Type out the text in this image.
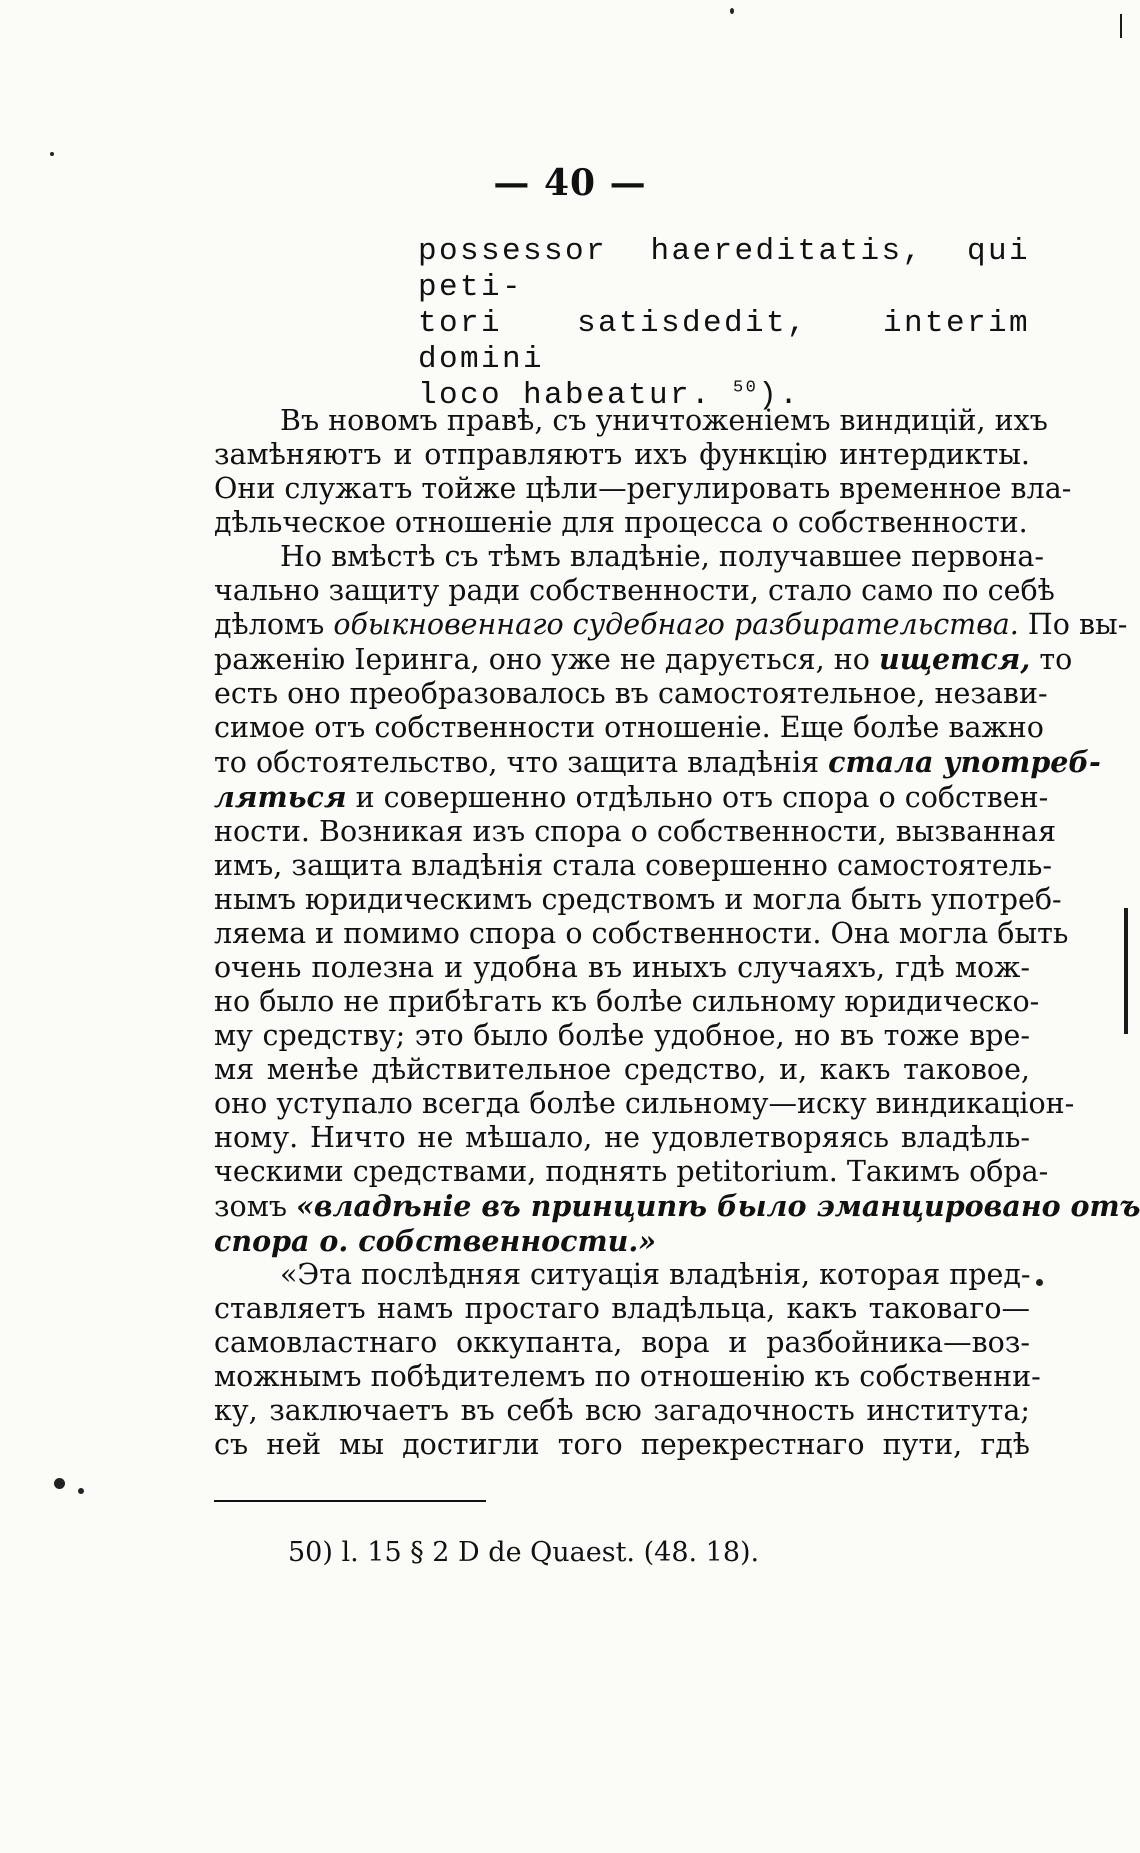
— 40 —
possessor haereditatis, qui peti-
tori satisdedit, interim domini
loco habeatur. $^{50}$).
Въ новомъ правѣ, съ уничтоженіемъ виндицій, ихъ
замѣняютъ и отправляютъ ихъ функцію интердикты.
Они служатъ тойже цѣли—регулировать временное вла-
дѣльческое отношеніе для процесса о собственности.
Но вмѣстѣ съ тѣмъ владѣніе, получавшее первона-
чально защиту ради собственности, стало само по себѣ
дѣломъ обыкновеннаго судебнаго разбирательства. По вы-
раженію Іеринга, оно уже не дарується, но ищется, то
есть оно преобразовалось въ самостоятельное, незави-
симое отъ собственности отношеніе. Еще болѣе важно
то обстоятельство, что защита владѣнія стала употреб-
ляться и совершенно отдѣльно отъ спора о собствен-
ности. Возникая изъ спора о собственности, вызванная
имъ, защита владѣнія стала совершенно самостоятель-
нымъ юридическимъ средствомъ и могла быть употреб-
ляема и помимо спора о собственности. Она могла быть
очень полезна и удобна въ иныхъ случаяхъ, гдѣ мож-
но было не прибѣгать къ болѣе сильному юридическо-
му средству; это было болѣе удобное, но въ тоже вре-
мя менѣе дѣйствительное средство, и, какъ таковое,
оно уступало всегда болѣе сильному—иску виндикаціон-
ному. Ничто не мѣшало, не удовлетворяясь владѣль-
ческими средствами, поднять petitorium. Такимъ обра-
зомъ «владѣніе въ принципѣ было эманцировано отъ
спора о. собственности.»
«Эта послѣдняя ситуація владѣнія, которая пред-
ставляетъ намъ простаго владѣльца, какъ таковаго—
самовластнаго оккупанта, вора и разбойника—воз-
можнымъ побѣдителемъ по отношенію къ собственни-
ку, заключаетъ въ себѣ всю загадочность института;
съ ней мы достигли того перекрестнаго пути, гдѣ
50) l. 15 § 2 D de Quaest. (48. 18).
